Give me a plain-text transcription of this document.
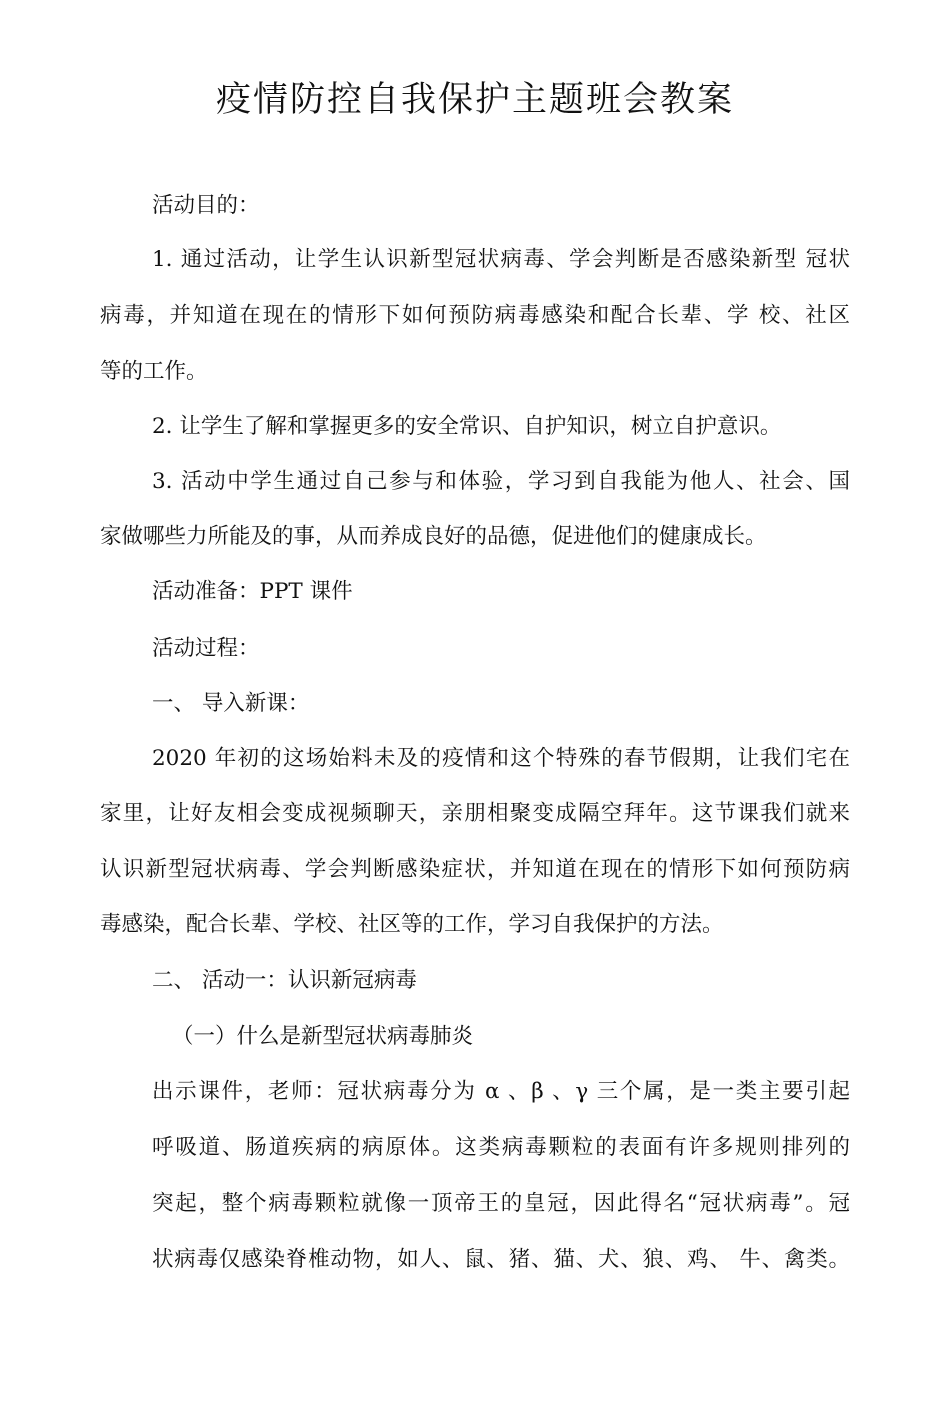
疫情防控自我保护主题班会教案
活动目的：
1. 通过活动，让学生认识新型冠状病毒、学会判断是否感染新型 冠状
病毒，并知道在现在的情形下如何预防病毒感染和配合长辈、学 校、社区
等的工作。
2. 让学生了解和掌握更多的安全常识、自护知识，树立自护意识。
3. 活动中学生通过自己参与和体验，学习到自我能为他人、社会、国
家做哪些力所能及的事，从而养成良好的品德，促进他们的健康成长。
活动准备：PPT 课件
活动过程：
一、 导入新课：
2020 年初的这场始料未及的疫情和这个特殊的春节假期，让我们宅在
家里，让好友相会变成视频聊天，亲朋相聚变成隔空拜年。这节课我们就来
认识新型冠状病毒、学会判断感染症状，并知道在现在的情形下如何预防病
毒感染，配合长辈、学校、社区等的工作，学习自我保护的方法。
二、 活动一：认识新冠病毒
（一）什么是新型冠状病毒肺炎
出示课件，老师：冠状病毒分为 α 、β 、γ 三个属，是一类主要引起
呼吸道、肠道疾病的病原体。这类病毒颗粒的表面有许多规则排列的
突起，整个病毒颗粒就像一顶帝王的皇冠，因此得名“冠状病毒”。冠
状病毒仅感染脊椎动物，如人、鼠、猪、猫、犬、狼、鸡、 牛、禽类。
